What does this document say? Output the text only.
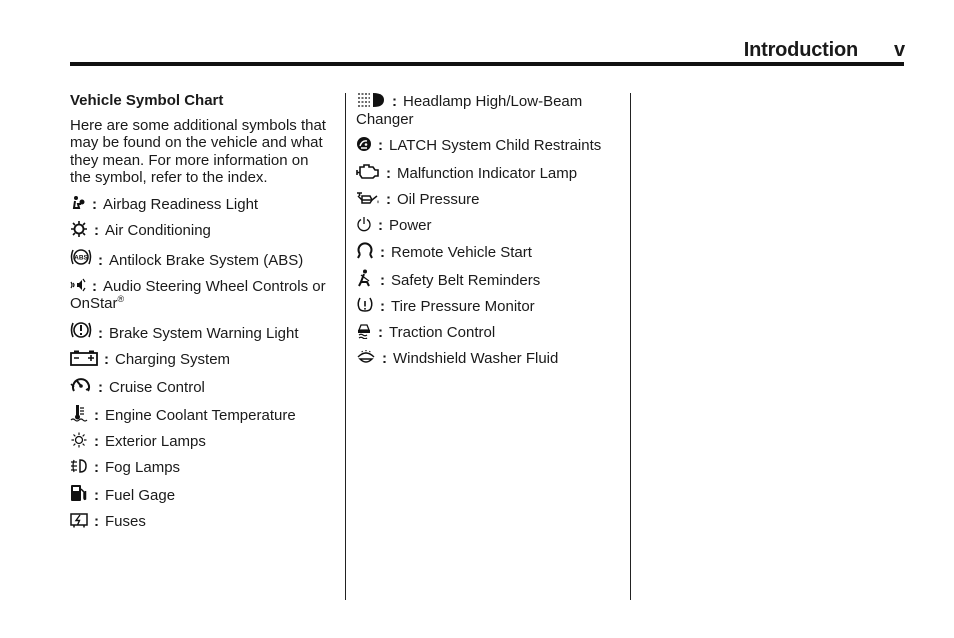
Introduction v
Vehicle Symbol Chart
Here are some additional symbols that may be found on the vehicle and what they mean. For more information on the symbol, refer to the index.
: Airbag Readiness Light
: Air Conditioning
ABS : Antilock Brake System (ABS)
: Audio Steering Wheel Controls or OnStar®
: Brake System Warning Light
: Charging System
: Cruise Control
: Engine Coolant Temperature
: Exterior Lamps
: Fog Lamps
: Fuel Gage
: Fuses
: Headlamp High/Low-Beam Changer
: LATCH System Child Restraints
: Malfunction Indicator Lamp
: Oil Pressure
: Power
: Remote Vehicle Start
: Safety Belt Reminders
: Tire Pressure Monitor
: Traction Control
: Windshield Washer Fluid
